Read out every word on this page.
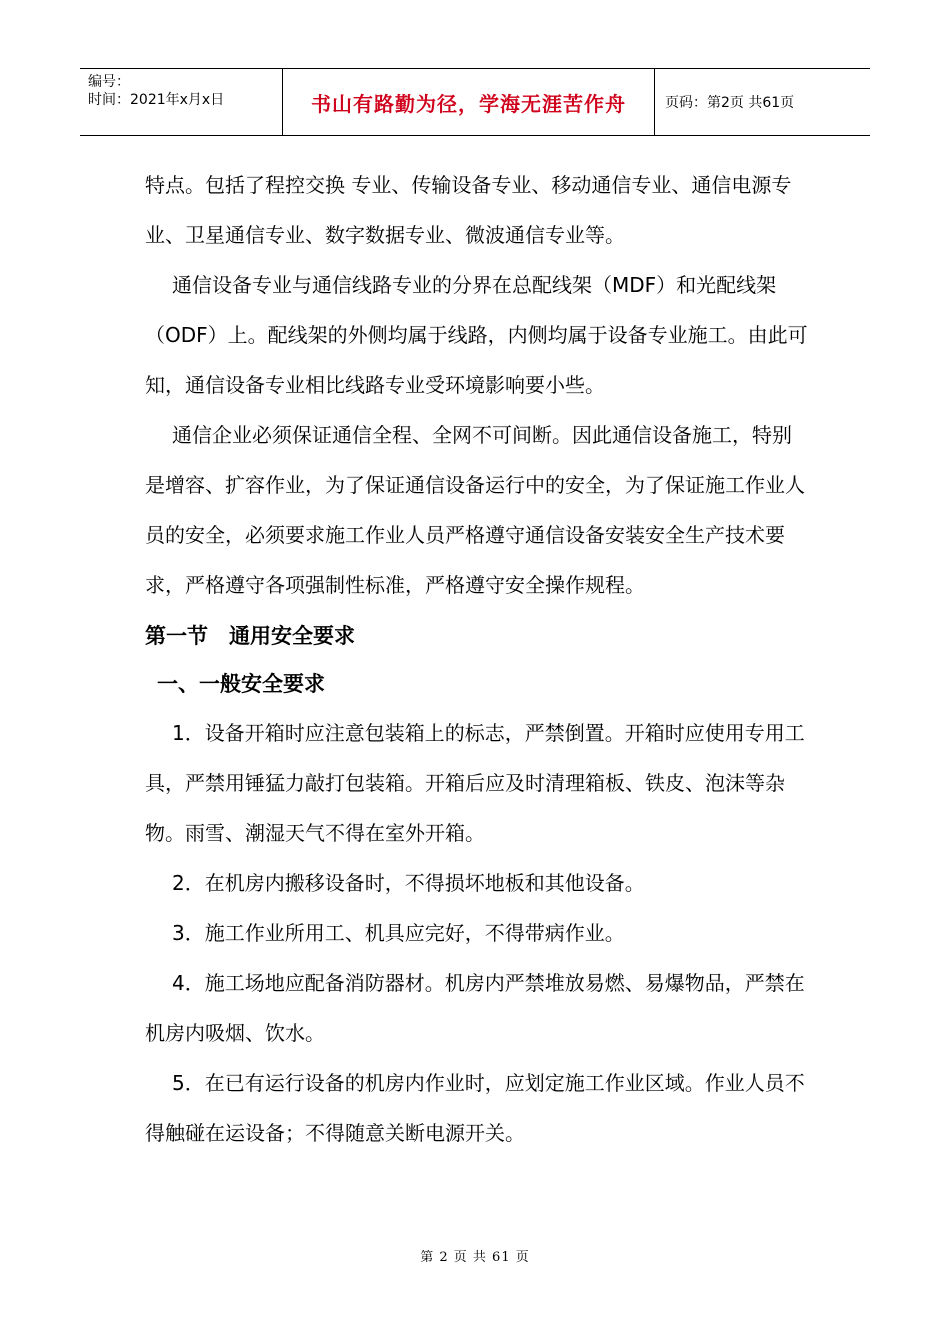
编号：
时间：2021年x月x日	书山有路勤为径，学海无涯苦作舟	页码：第2页 共61页

特点。包括了程控交换 专业、传输设备专业、移动通信专业、通信电源专业、卫星通信专业、数字数据专业、微波通信专业等。

通信设备专业与通信线路专业的分界在总配线架（MDF）和光配线架（ODF）上。配线架的外侧均属于线路，内侧均属于设备专业施工。由此可知，通信设备专业相比线路专业受环境影响要小些。

通信企业必须保证通信全程、全网不可间断。因此通信设备施工，特别是增容、扩容作业，为了保证通信设备运行中的安全，为了保证施工作业人员的安全，必须要求施工作业人员严格遵守通信设备安装安全生产技术要求，严格遵守各项强制性标准，严格遵守安全操作规程。

第一节　通用安全要求

一、一般安全要求

1．设备开箱时应注意包装箱上的标志，严禁倒置。开箱时应使用专用工具，严禁用锤猛力敲打包装箱。开箱后应及时清理箱板、铁皮、泡沫等杂物。雨雪、潮湿天气不得在室外开箱。

2．在机房内搬移设备时，不得损坏地板和其他设备。

3．施工作业所用工、机具应完好，不得带病作业。

4．施工场地应配备消防器材。机房内严禁堆放易燃、易爆物品，严禁在机房内吸烟、饮水。

5．在已有运行设备的机房内作业时，应划定施工作业区域。作业人员不得触碰在运设备；不得随意关断电源开关。

第 2 页 共 61 页
